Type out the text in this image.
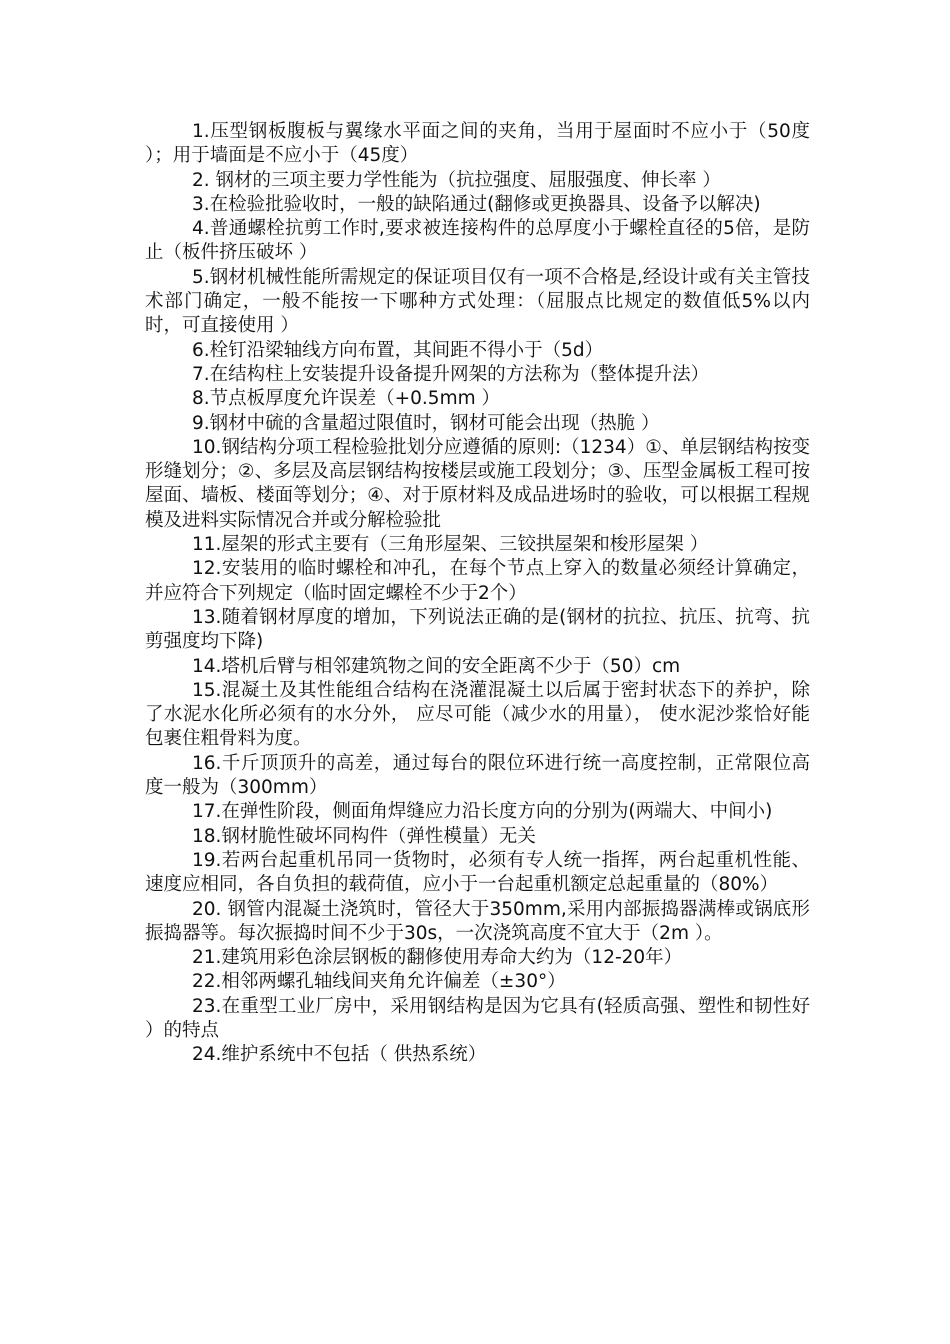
1.压型钢板腹板与翼缘水平面之间的夹角，当用于屋面时不应小于（50度 ）；用于墙面是不应小于（45度）

2. 钢材的三项主要力学性能为（抗拉强度、屈服强度、伸长率 ）

3.在检验批验收时，一般的缺陷通过(翻修或更换器具、设备予以解决)

4.普通螺栓抗剪工作时,要求被连接构件的总厚度小于螺栓直径的5倍，是防止（板件挤压破坏 ）

5.钢材机械性能所需规定的保证项目仅有一项不合格是,经设计或有关主管技术部门确定，一般不能按一下哪种方式处理：（屈服点比规定的数值低5%以内时，可直接使用 ）

6.栓钉沿梁轴线方向布置，其间距不得小于（5d）

7.在结构柱上安装提升设备提升网架的方法称为（整体提升法）

8.节点板厚度允许误差（+0.5mm ）

9.钢材中硫的含量超过限值时，钢材可能会出现（热脆 ）

10.钢结构分项工程检验批划分应遵循的原则:（1234）①、单层钢结构按变形缝划分；②、多层及高层钢结构按楼层或施工段划分；③、压型金属板工程可按屋面、墙板、楼面等划分；④、对于原材料及成品进场时的验收，可以根据工程规模及进料实际情况合并或分解检验批

11.屋架的形式主要有（三角形屋架、三铰拱屋架和梭形屋架 ）

12.安装用的临时螺栓和冲孔，在每个节点上穿入的数量必须经计算确定，并应符合下列规定（临时固定螺栓不少于2个）

13.随着钢材厚度的增加，下列说法正确的是(钢材的抗拉、抗压、抗弯、抗剪强度均下降)

14.塔机后臂与相邻建筑物之间的安全距离不少于（50）cm

15.混凝土及其性能组合结构在浇灌混凝土以后属于密封状态下的养护，除了水泥水化所必须有的水分外， 应尽可能（减少水的用量）， 使水泥沙浆恰好能包裹住粗骨料为度。

16.千斤顶顶升的高差，通过每台的限位环进行统一高度控制，正常限位高度一般为（300mm）

17.在弹性阶段，侧面角焊缝应力沿长度方向的分别为(两端大、中间小)

18.钢材脆性破坏同构件（弹性模量）无关

19.若两台起重机吊同一货物时，必须有专人统一指挥，两台起重机性能、速度应相同，各自负担的载荷值，应小于一台起重机额定总起重量的（80%）

20. 钢管内混凝土浇筑时，管径大于350mm,采用内部振捣器满棒或锅底形振捣器等。每次振捣时间不少于30s，一次浇筑高度不宜大于（2m ）。

21.建筑用彩色涂层钢板的翻修使用寿命大约为（12-20年）

22.相邻两螺孔轴线间夹角允许偏差（±30°）

23.在重型工业厂房中，采用钢结构是因为它具有(轻质高强、塑性和韧性好 ）的特点

24.维护系统中不包括（ 供热系统）
